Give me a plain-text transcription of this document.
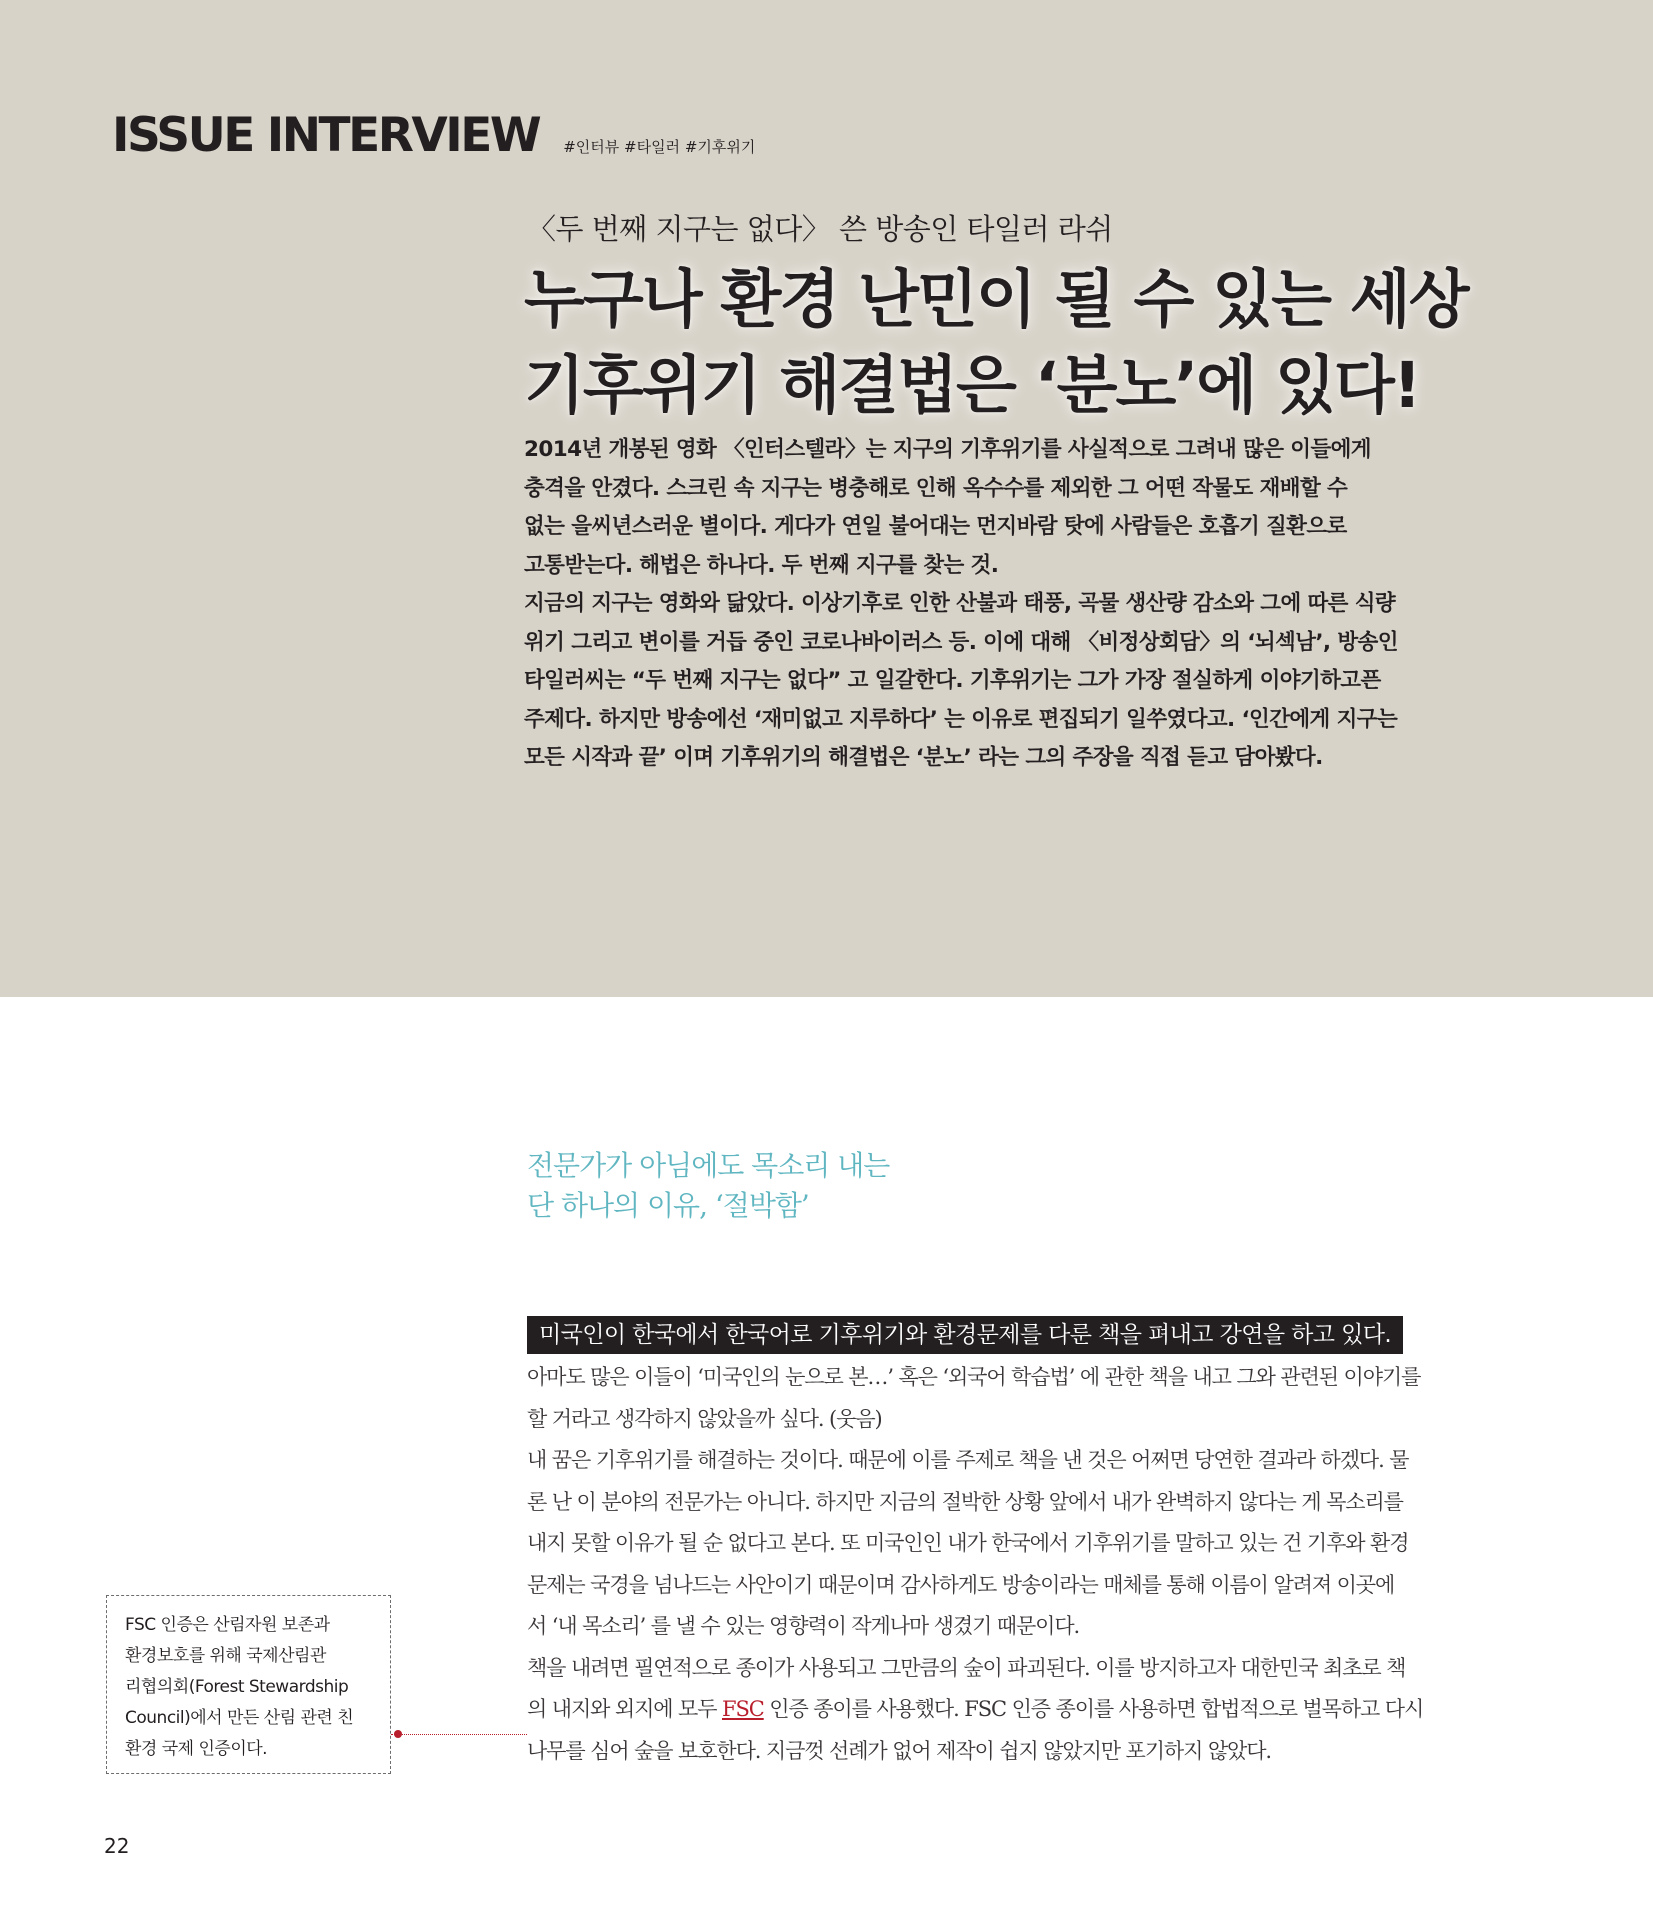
ISSUE INTERVIEW #인터뷰 #타일러 #기후위기
〈두 번째 지구는 없다〉 쓴 방송인 타일러 라쉬
누구나 환경 난민이 될 수 있는 세상
기후위기 해결법은 ‘분노’에 있다!

2014년 개봉된 영화 〈인터스텔라〉는 지구의 기후위기를 사실적으로 그려내 많은 이들에게

충격을 안겼다. 스크린 속 지구는 병충해로 인해 옥수수를 제외한 그 어떤 작물도 재배할 수

없는 을씨년스러운 별이다. 게다가 연일 불어대는 먼지바람 탓에 사람들은 호흡기 질환으로

고통받는다. 해법은 하나다. 두 번째 지구를 찾는 것.

지금의 지구는 영화와 닮았다. 이상기후로 인한 산불과 태풍, 곡물 생산량 감소와 그에 따른 식량

위기 그리고 변이를 거듭 중인 코로나바이러스 등. 이에 대해 〈비정상회담〉의 ‘뇌섹남’, 방송인

타일러씨는 “두 번째 지구는 없다” 고 일갈한다. 기후위기는 그가 가장 절실하게 이야기하고픈

주제다. 하지만 방송에선 ‘재미없고 지루하다’ 는 이유로 편집되기 일쑤였다고. ‘인간에게 지구는

모든 시작과 끝’ 이며 기후위기의 해결법은 ‘분노’ 라는 그의 주장을 직접 듣고 담아봤다.

전문가가 아님에도 목소리 내는
단 하나의 이유, ‘절박함’
미국인이 한국에서 한국어로 기후위기와 환경문제를 다룬 책을 펴내고 강연을 하고 있다.

아마도 많은 이들이 ‘미국인의 눈으로 본…’ 혹은 ‘외국어 학습법’ 에 관한 책을 내고 그와 관련된 이야기를

할 거라고 생각하지 않았을까 싶다. (웃음)

내 꿈은 기후위기를 해결하는 것이다. 때문에 이를 주제로 책을 낸 것은 어쩌면 당연한 결과라 하겠다. 물

론 난 이 분야의 전문가는 아니다. 하지만 지금의 절박한 상황 앞에서 내가 완벽하지 않다는 게 목소리를

내지 못할 이유가 될 순 없다고 본다. 또 미국인인 내가 한국에서 기후위기를 말하고 있는 건 기후와 환경

문제는 국경을 넘나드는 사안이기 때문이며 감사하게도 방송이라는 매체를 통해 이름이 알려져 이곳에

서 ‘내 목소리’ 를 낼 수 있는 영향력이 작게나마 생겼기 때문이다.

책을 내려면 필연적으로 종이가 사용되고 그만큼의 숲이 파괴된다. 이를 방지하고자 대한민국 최초로 책

의 내지와 외지에 모두 FSC 인증 종이를 사용했다. FSC 인증 종이를 사용하면 합법적으로 벌목하고 다시

나무를 심어 숲을 보호한다. 지금껏 선례가 없어 제작이 쉽지 않았지만 포기하지 않았다.

FSC 인증은 산림자원 보존과

환경보호를 위해 국제산림관

리협의회(Forest Stewardship

Council)에서 만든 산림 관련 친

환경 국제 인증이다.

22
